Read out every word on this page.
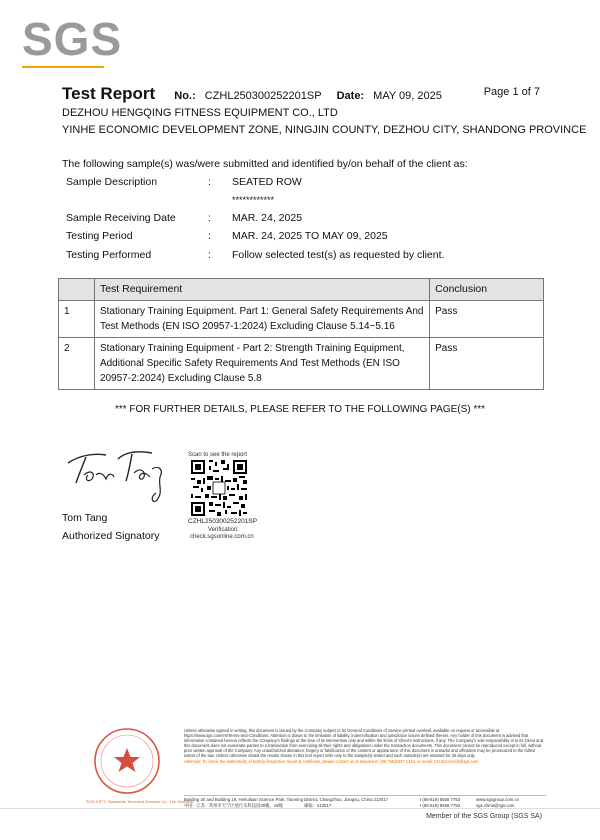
SGS
Test Report No.: CZHL250300252201SP Date: MAY 09, 2025	Page 1 of 7
DEZHOU HENGQING FITNESS EQUIPMENT CO., LTD
YINHE ECONOMIC DEVELOPMENT ZONE, NINGJIN COUNTY, DEZHOU CITY, SHANDONG PROVINCE
The following sample(s) was/were submitted and identified by/on behalf of the client as:
Sample Description	: SEATED ROW
************
Sample Receiving Date	: MAR. 24, 2025
Testing Period	: MAR. 24, 2025 TO MAY 09, 2025
Testing Performed	: Follow selected test(s) as requested by client.
	Test Requirement	Conclusion
1	Stationary Training Equipment. Part 1: General Safety Requirements And Test Methods (EN ISO 20957-1:2024) Excluding Clause 5.14~5.16	Pass
2	Stationary Training Equipment - Part 2: Strength Training Equipment, Additional Specific Safety Requirements And Test Methods (EN ISO 20957-2:2024) Excluding Clause 5.8	Pass
*** FOR FURTHER DETAILS, PLEASE REFER TO THE FOLLOWING PAGE(S) ***
Tom Tang
Authorized Signatory
Scan to see the report
CZHL250300252201SP
Verification:
check.sgsonline.com.cn
SGS-CSTC Standards Technical Services Co., Ltd. Hanzhou
Unless otherwise agreed in writing, this document is issued by the Company subject to its General Conditions of Service printed overleaf, available on request or accessible at https://www.sgs.com/en/Terms-and-Conditions. Attention is drawn to the limitation of liability, indemnification and jurisdiction issues defined therein. Any holder of this document is advised that information contained hereon reflects the Company's findings at the time of its intervention only and within the limits of Client's instructions, if any. The Company's sole responsibility is to its Client and this document does not exonerate parties to a transaction from exercising all their rights and obligations under the transaction documents. This document cannot be reproduced except in full, without prior written approval of the Company. Any unauthorized alteration, forgery or falsification of the content or appearance of this document is unlawful and offenders may be prosecuted to the fullest extent of the law. Unless otherwise stated the results shown in this test report refer only to the sample(s) tested and such sample(s) are retained for 30 days only.
Attention: To check the authenticity of testing /inspection report & certificate, please contact us at telephone: (86-755)8307 1443, or email: CN.Doccheck@sgs.com
Building 30 and Building 19, Hehuiluan Science Park, Tianning District, Changzhou, Jiangsu, China 213017	t (86-519) 8558 7753	www.sgsgroup.com.cn
中国 · 江苏 · 常州市天宁区展仕乐科技园30幢、19幢	邮编：213017	t (86-519) 8558 7753	sgs.china@sgs.com
Member of the SGS Group (SGS SA)
